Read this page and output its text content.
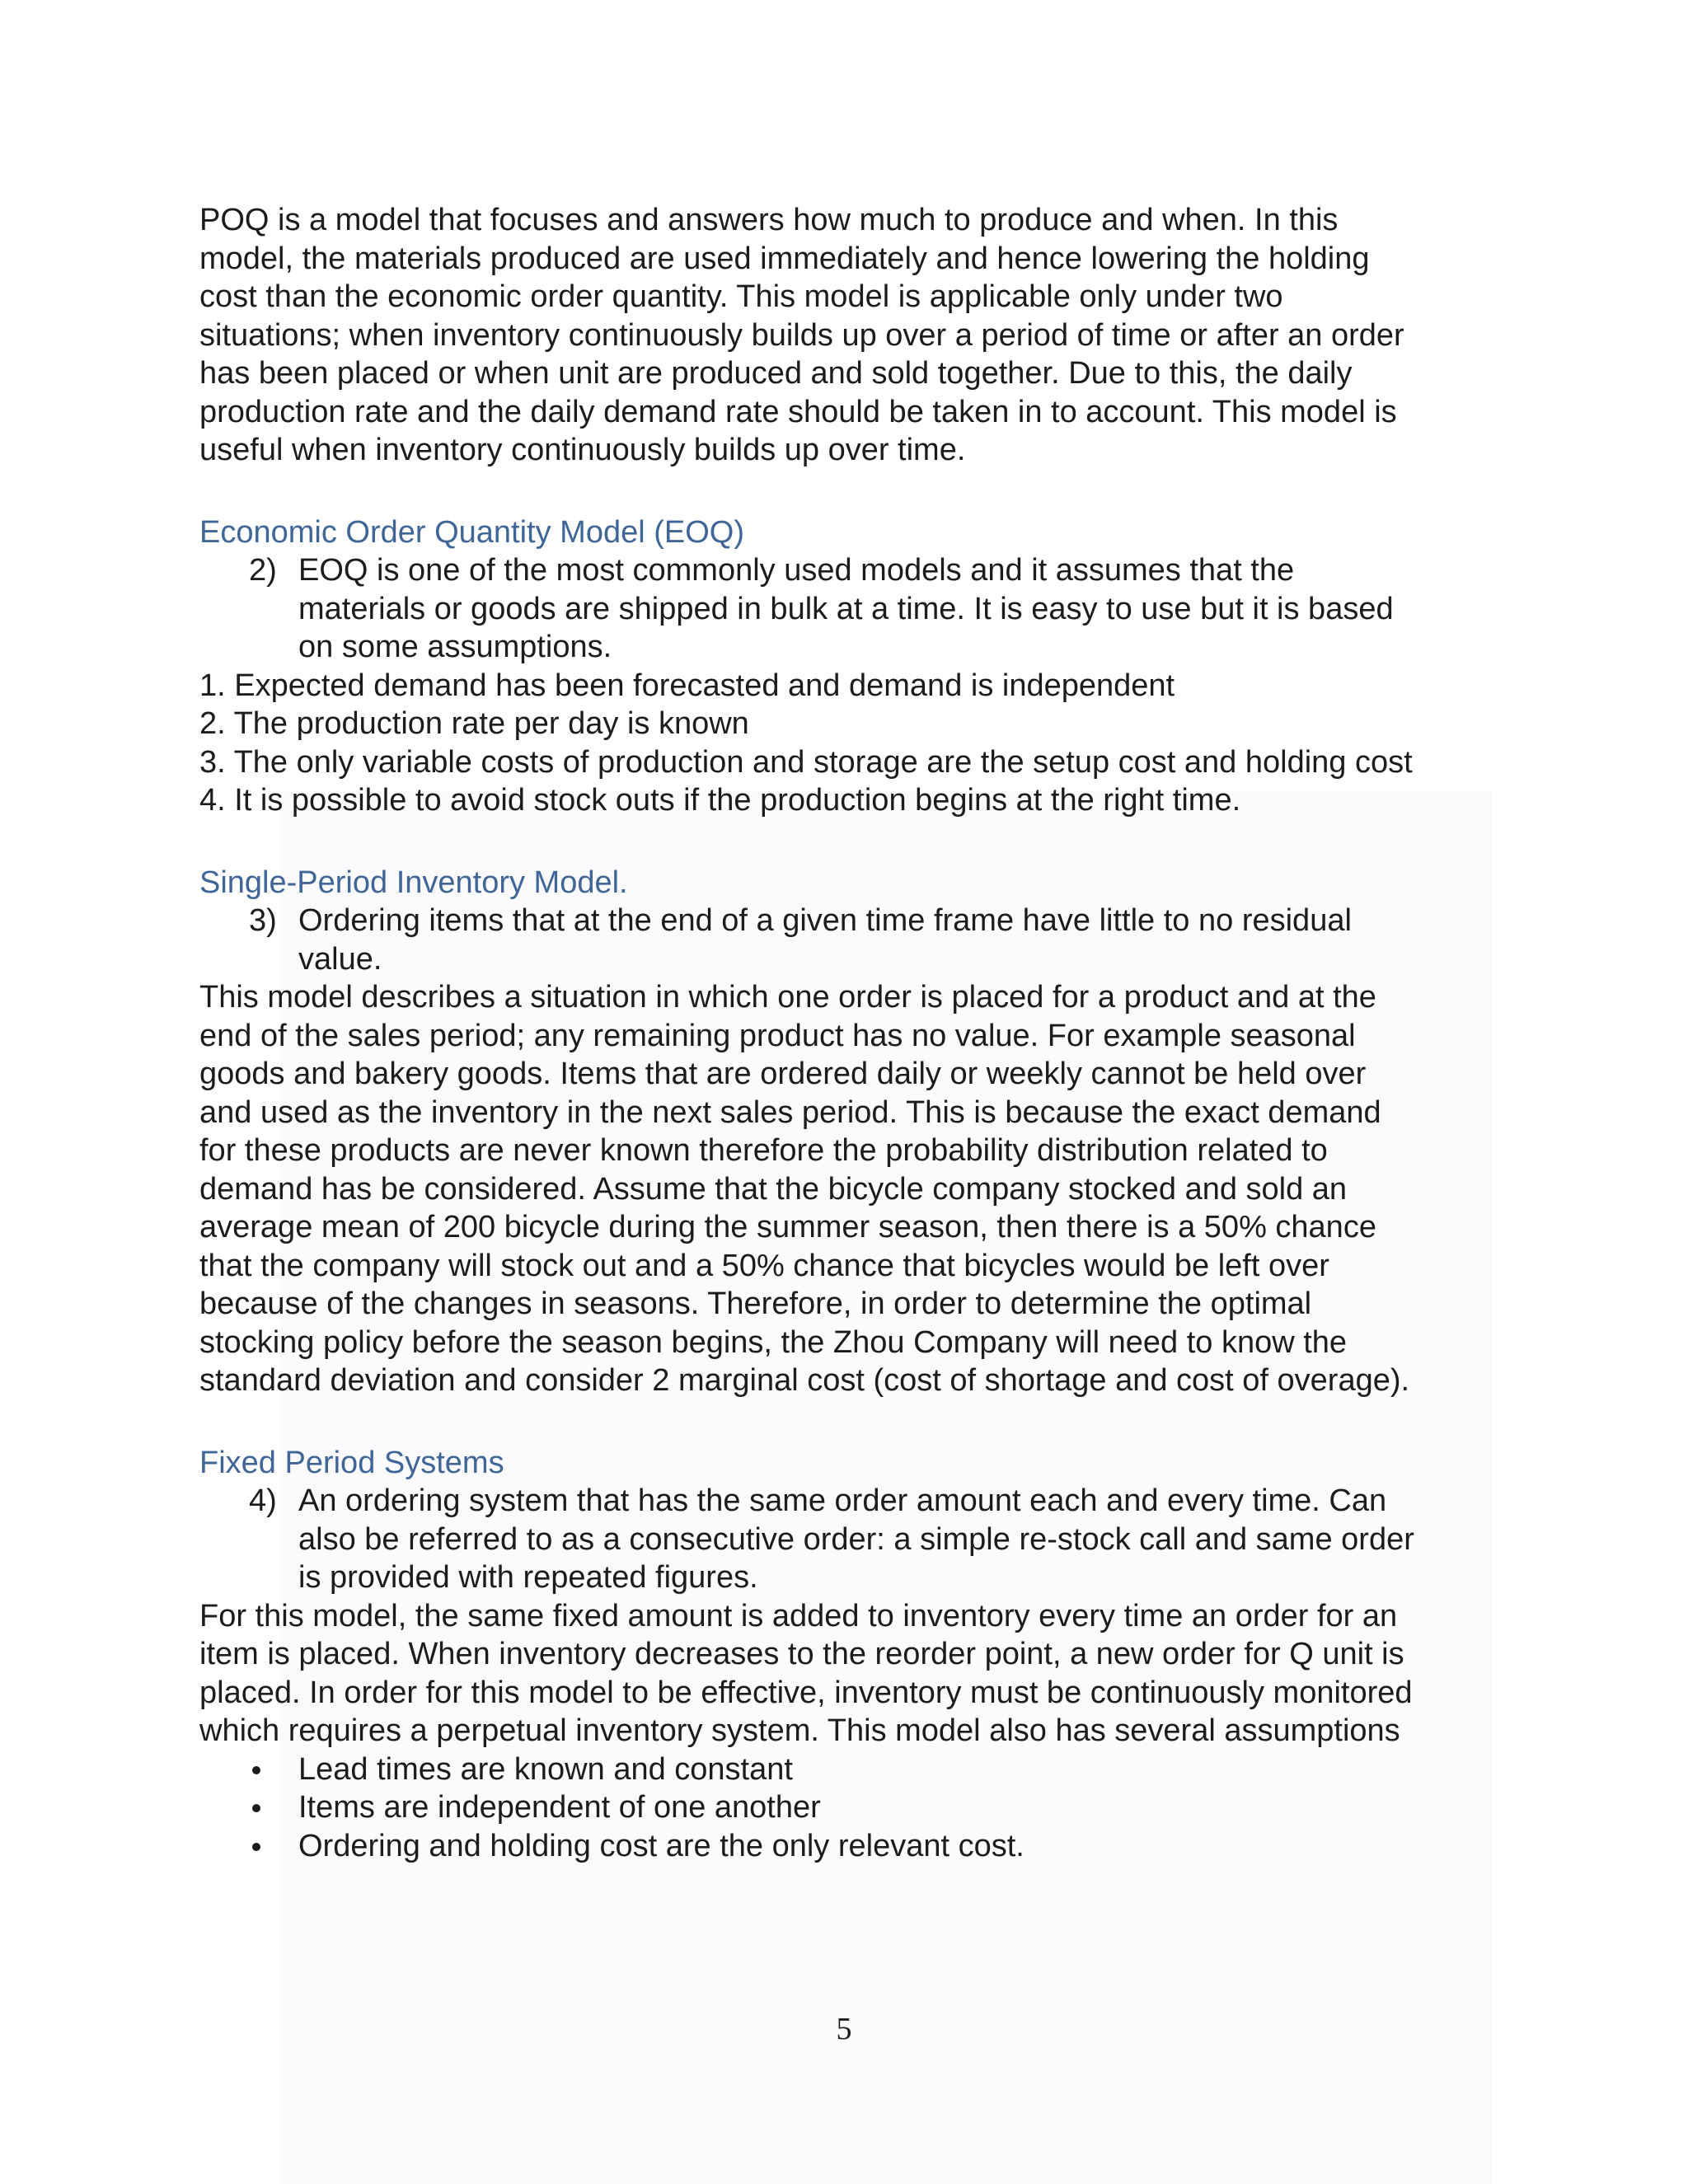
POQ is a model that focuses and answers how much to produce and when. In this
model, the materials produced are used immediately and hence lowering the holding
cost than the economic order quantity. This model is applicable only under two
situations; when inventory continuously builds up over a period of time or after an order
has been placed or when unit are produced and sold together. Due to this, the daily
production rate and the daily demand rate should be taken in to account. This model is
useful when inventory continuously builds up over time.

Economic Order Quantity Model (EOQ)
2) EOQ is one of the most commonly used models and it assumes that the
materials or goods are shipped in bulk at a time. It is easy to use but it is based
on some assumptions.
1. Expected demand has been forecasted and demand is independent
2. The production rate per day is known
3. The only variable costs of production and storage are the setup cost and holding cost
4. It is possible to avoid stock outs if the production begins at the right time.
Single-Period Inventory Model.
3) Ordering items that at the end of a given time frame have little to no residual
value.

This model describes a situation in which one order is placed for a product and at the
end of the sales period; any remaining product has no value. For example seasonal
goods and bakery goods. Items that are ordered daily or weekly cannot be held over
and used as the inventory in the next sales period. This is because the exact demand
for these products are never known therefore the probability distribution related to
demand has be considered. Assume that the bicycle company stocked and sold an
average mean of 200 bicycle during the summer season, then there is a 50% chance
that the company will stock out and a 50% chance that bicycles would be left over
because of the changes in seasons. Therefore, in order to determine the optimal
stocking policy before the season begins, the Zhou Company will need to know the
standard deviation and consider 2 marginal cost (cost of shortage and cost of overage).

Fixed Period Systems
4) An ordering system that has the same order amount each and every time. Can
also be referred to as a consecutive order: a simple re-stock call and same order
is provided with repeated figures.

For this model, the same fixed amount is added to inventory every time an order for an
item is placed. When inventory decreases to the reorder point, a new order for Q unit is
placed. In order for this model to be effective, inventory must be continuously monitored
which requires a perpetual inventory system. This model also has several assumptions

Lead times are known and constant
Items are independent of one another
Ordering and holding cost are the only relevant cost.
5
